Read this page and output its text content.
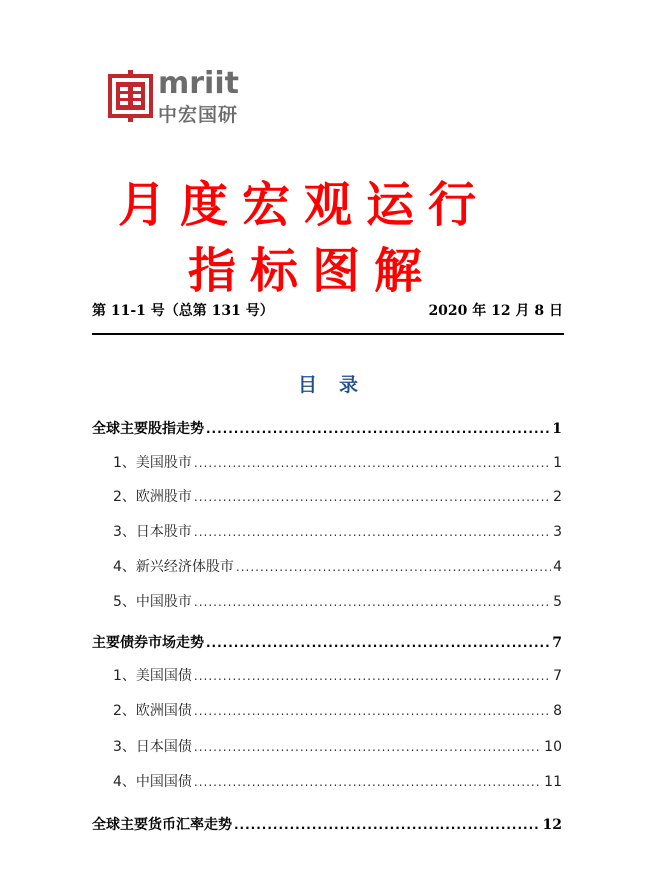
mriit
中宏国研
月度宏观运行
指标图解
第 11-1 号（总第 131 号）	2020 年 12 月 8 日
目录
全球主要股指走势 .....	1
1、美国股市 .....	1
2、欧洲股市 .....	2
3、日本股市 .....	3
4、新兴经济体股市 .....	4
5、中国股市 .....	5
主要债券市场走势 .....	7
1、美国国债 .....	7
2、欧洲国债 .....	8
3、日本国债 .....	10
4、中国国债 .....	11
全球主要货币汇率走势 .....	12
